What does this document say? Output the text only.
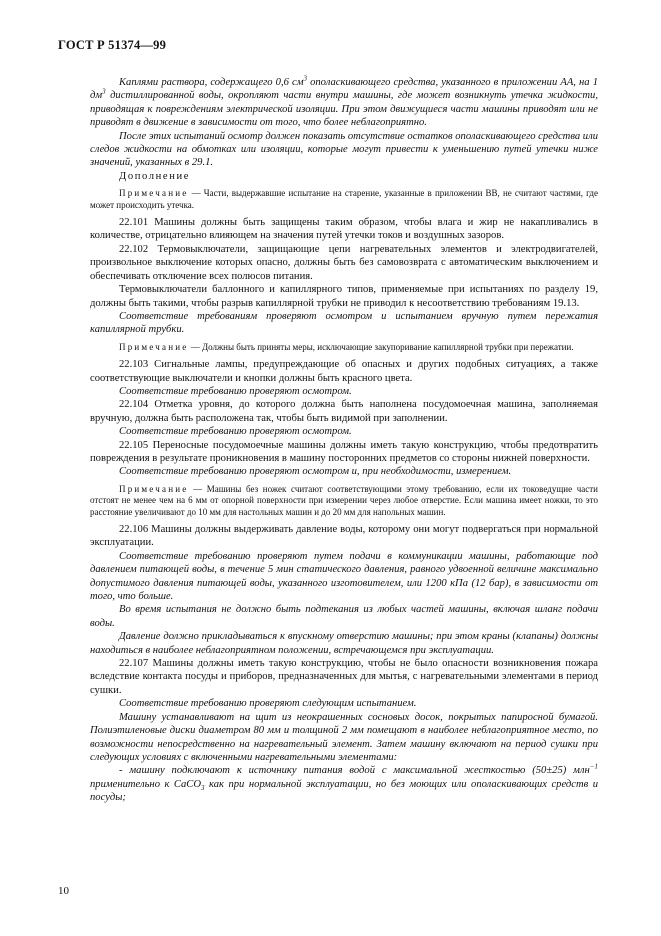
ГОСТ Р 51374—99

Каплями раствора, содержащего 0,6 $см^3$ ополаскивающего средства, указанного в приложении АА, на 1 $дм^3$ дистиллированной воды, окропляют части внутри машины, где может возникнуть утечка жидкости, приводящая к повреждениям электрической изоляции. При этом движущиеся части машины приводят или не приводят в движение в зависимости от того, что более неблагоприятно.

После этих испытаний осмотр должен показать отсутствие остатков ополаскивающего средства или следов жидкости на обмотках или изоляции, которые могут привести к уменьшению путей утечки ниже значений, указанных в 29.1.

Дополнение

Примечание — Части, выдержавшие испытание на старение, указанные в приложении ВВ, не считают частями, где может происходить утечка.

22.101 Машины должны быть защищены таким образом, чтобы влага и жир не накапливались в количестве, отрицательно влияющем на значения путей утечки токов и воздушных зазоров.

22.102 Термовыключатели, защищающие цепи нагревательных элементов и электродвигателей, произвольное выключение которых опасно, должны быть без самовозврата с автоматическим выключением и обеспечивать отключение всех полюсов питания.

Термовыключатели баллонного и капиллярного типов, применяемые при испытаниях по разделу 19, должны быть такими, чтобы разрыв капиллярной трубки не приводил к несоответствию требованиям 19.13.

Соответствие требованиям проверяют осмотром и испытанием вручную путем пережатия капиллярной трубки.

Примечание — Должны быть приняты меры, исключающие закупоривание капиллярной трубки при пережатии.

22.103 Сигнальные лампы, предупреждающие об опасных и других подобных ситуациях, а также соответствующие выключатели и кнопки должны быть красного цвета.

Соответствие требованию проверяют осмотром.

22.104 Отметка уровня, до которого должна быть наполнена посудомоечная машина, заполняемая вручную, должна быть расположена так, чтобы быть видимой при заполнении.

Соответствие требованию проверяют осмотром.

22.105 Переносные посудомоечные машины должны иметь такую конструкцию, чтобы предотвратить повреждения в результате проникновения в машину посторонних предметов со стороны нижней поверхности.

Соответствие требованию проверяют осмотром и, при необходимости, измерением.

Примечание — Машины без ножек считают соответствующими этому требованию, если их токоведущие части отстоят не менее чем на 6 мм от опорной поверхности при измерении через любое отверстие. Если машина имеет ножки, то это расстояние увеличивают до 10 мм для настольных машин и до 20 мм для напольных машин.

22.106 Машины должны выдерживать давление воды, которому они могут подвергаться при нормальной эксплуатации.

Соответствие требованию проверяют путем подачи в коммуникации машины, работающие под давлением питающей воды, в течение 5 мин статического давления, равного удвоенной величине максимально допустимого давления питающей воды, указанного изготовителем, или 1200 кПа (12 бар), в зависимости от того, что больше.

Во время испытания не должно быть подтекания из любых частей машины, включая шланг подачи воды.

Давление должно прикладываться к впускному отверстию машины; при этом краны (клапаны) должны находиться в наиболее неблагоприятном положении, встречающемся при эксплуатации.

22.107 Машины должны иметь такую конструкцию, чтобы не было опасности возникновения пожара вследствие контакта посуды и приборов, предназначенных для мытья, с нагревательными элементами в период сушки.

Соответствие требованию проверяют следующим испытанием.

Машину устанавливают на щит из неокрашенных сосновых досок, покрытых папиросной бумагой. Полиэтиленовые диски диаметром 80 мм и толщиной 2 мм помещают в наиболее неблагоприятное место, по возможности непосредственно на нагревательный элемент. Затем машину включают на период сушки при следующих условиях с включенными нагревательными элементами:

- машину подключают к источнику питания водой с максимальной жесткостью (50±25) млн$^{-1}$ применительно к CaCO$_3$ как при нормальной эксплуатации, но без моющих или ополаскивающих средств и посуды;

10
